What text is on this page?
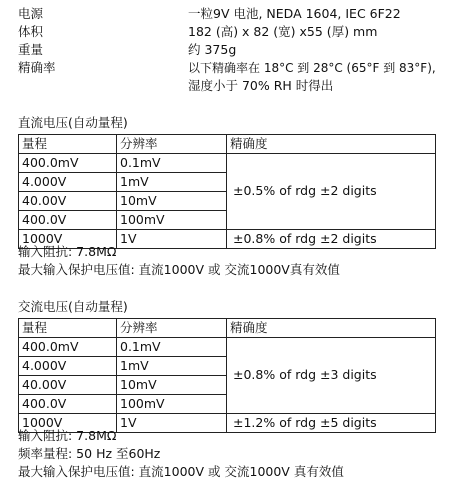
电源	一粒9V 电池, NEDA 1604, IEC 6F22
体积	182 (高) x 82 (宽) x55 (厚) mm
重量	约 375g
精确率	以下精确率在 18°C 到 28°C (65°F 到 83°F),
湿度小于 70% RH 时得出
直流电压(自动量程)
量程	分辨率	精确度
400.0mV	0.1mV	±0.5% of rdg ±2 digits
4.000V	1mV	
40.00V	10mV	
400.0V	100mV	
1000V	1V	±0.8% of rdg ±2 digits
输入阻抗: 7.8MΩ
最大输入保护电压值: 直流1000V 或 交流1000V真有效值
交流电压(自动量程)
量程	分辨率	精确度
400.0mV	0.1mV	±0.8% of rdg ±3 digits
4.000V	1mV	
40.00V	10mV	
400.0V	100mV	
1000V	1V	±1.2% of rdg ±5 digits
输入阻抗: 7.8MΩ
频率量程: 50 Hz 至60Hz
最大输入保护电压值: 直流1000V 或 交流1000V 真有效值
